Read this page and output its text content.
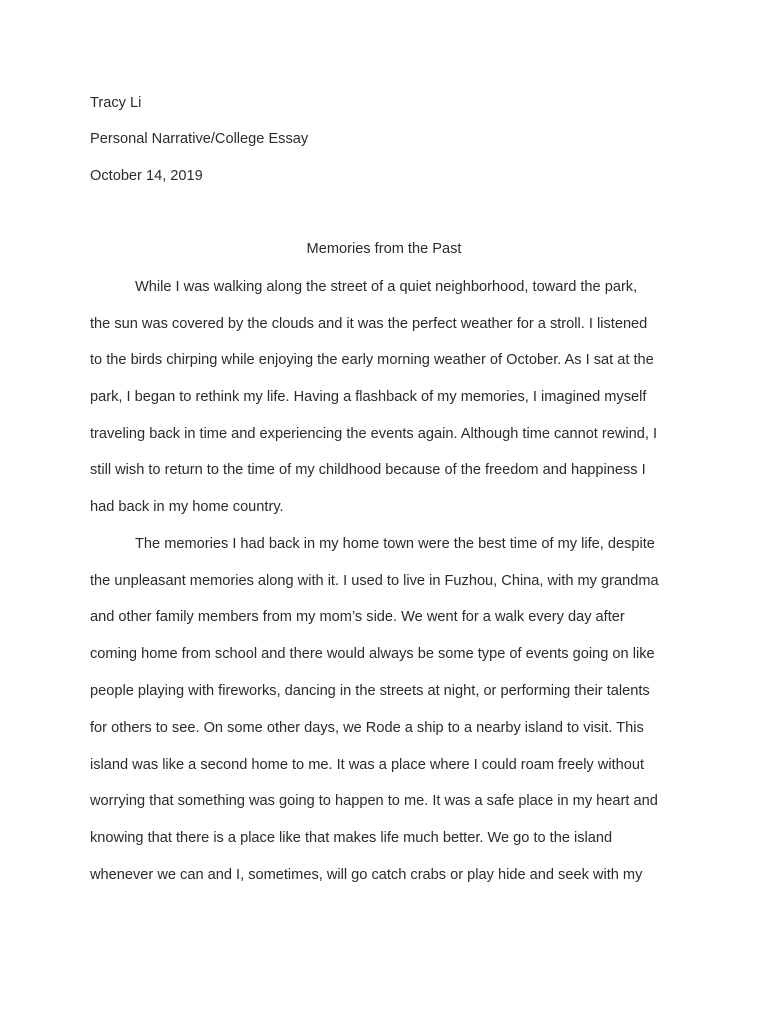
Tracy Li
Personal Narrative/College Essay
October 14, 2019
Memories from the Past
While I was walking along the street of a quiet neighborhood, toward the park,
the sun was covered by the clouds and it was the perfect weather for a stroll. I listened
to the birds chirping while enjoying the early morning weather of October. As I sat at the
park, I began to rethink my life. Having a flashback of my memories, I imagined myself
traveling back in time and experiencing the events again. Although time cannot rewind, I
still wish to return to the time of my childhood because of the freedom and happiness I
had back in my home country.
The memories I had back in my home town were the best time of my life, despite
the unpleasant memories along with it. I used to live in Fuzhou, China, with my grandma
and other family members from my mom’s side. We went for a walk every day after
coming home from school and there would always be some type of events going on like
people playing with fireworks, dancing in the streets at night, or performing their talents
for others to see. On some other days, we Rode a ship to a nearby island to visit. This
island was like a second home to me. It was a place where I could roam freely without
worrying that something was going to happen to me. It was a safe place in my heart and
knowing that there is a place like that makes life much better. We go to the island
whenever we can and I, sometimes, will go catch crabs or play hide and seek with my
